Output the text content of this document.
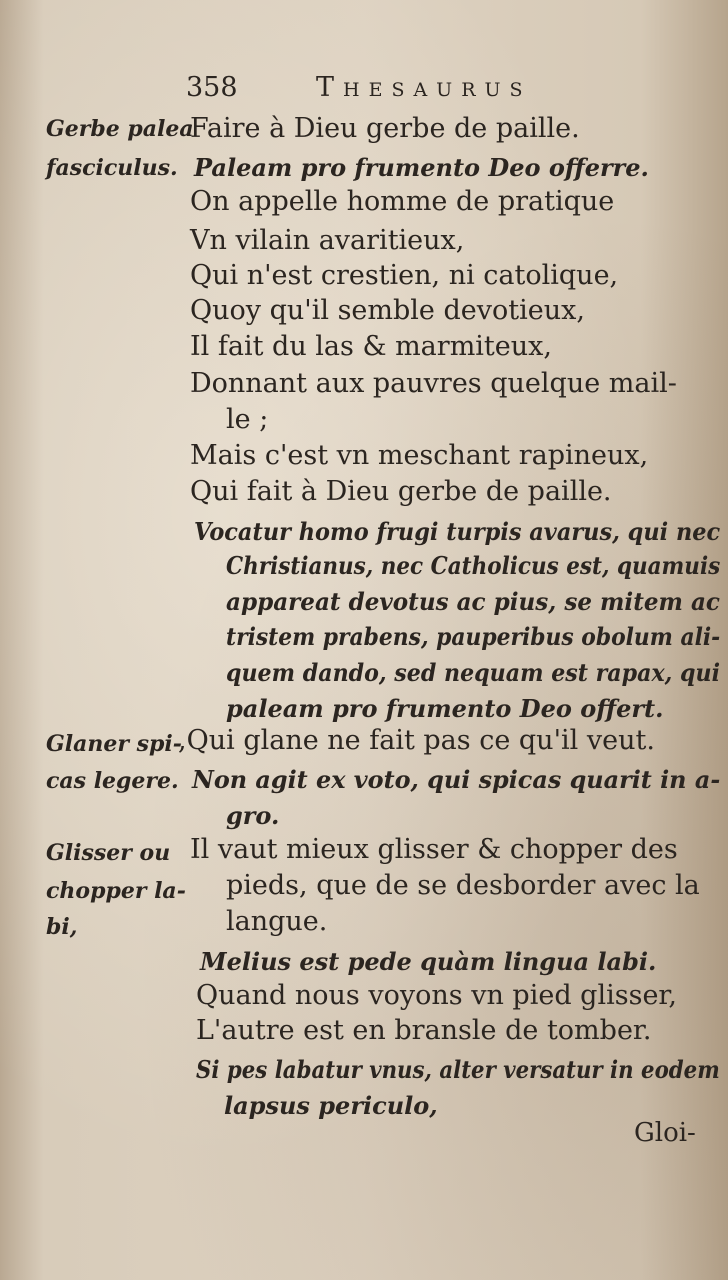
358	Thesaurus
Gerbe palea
fasciculus.
Glaner spi-
cas legere.
Glisser ou
chopper la-
bi,
Faire à Dieu gerbe de paille.
Paleam pro frumento Deo offerre.
On appelle homme de pratique
Vn vilain avaritieux,
Qui n'est crestien, ni catolique,
Quoy qu'il semble devotieux,
Il fait du las & marmiteux,
Donnant aux pauvres quelque mail-
le ;
Mais c'est vn meschant rapineux,
Qui fait à Dieu gerbe de paille.
Vocatur homo frugi turpis avarus, qui nec
Christianus, nec Catholicus est, quamuis
appareat devotus ac pius, se mitem ac
tristem prabens, pauperibus obolum ali-
quem dando, sed nequam est rapax, qui
paleam pro frumento Deo offert.
,Qui glane ne fait pas ce qu'il veut.
Non agit ex voto, qui spicas quarit in a-
gro.
Il vaut mieux glisser & chopper des
pieds, que de se desborder avec la
langue.
Melius est pede quàm lingua labi.
Quand nous voyons vn pied glisser,
L'autre est en bransle de tomber.
Si pes labatur vnus, alter versatur in eodem
lapsus periculo,
Gloi-
